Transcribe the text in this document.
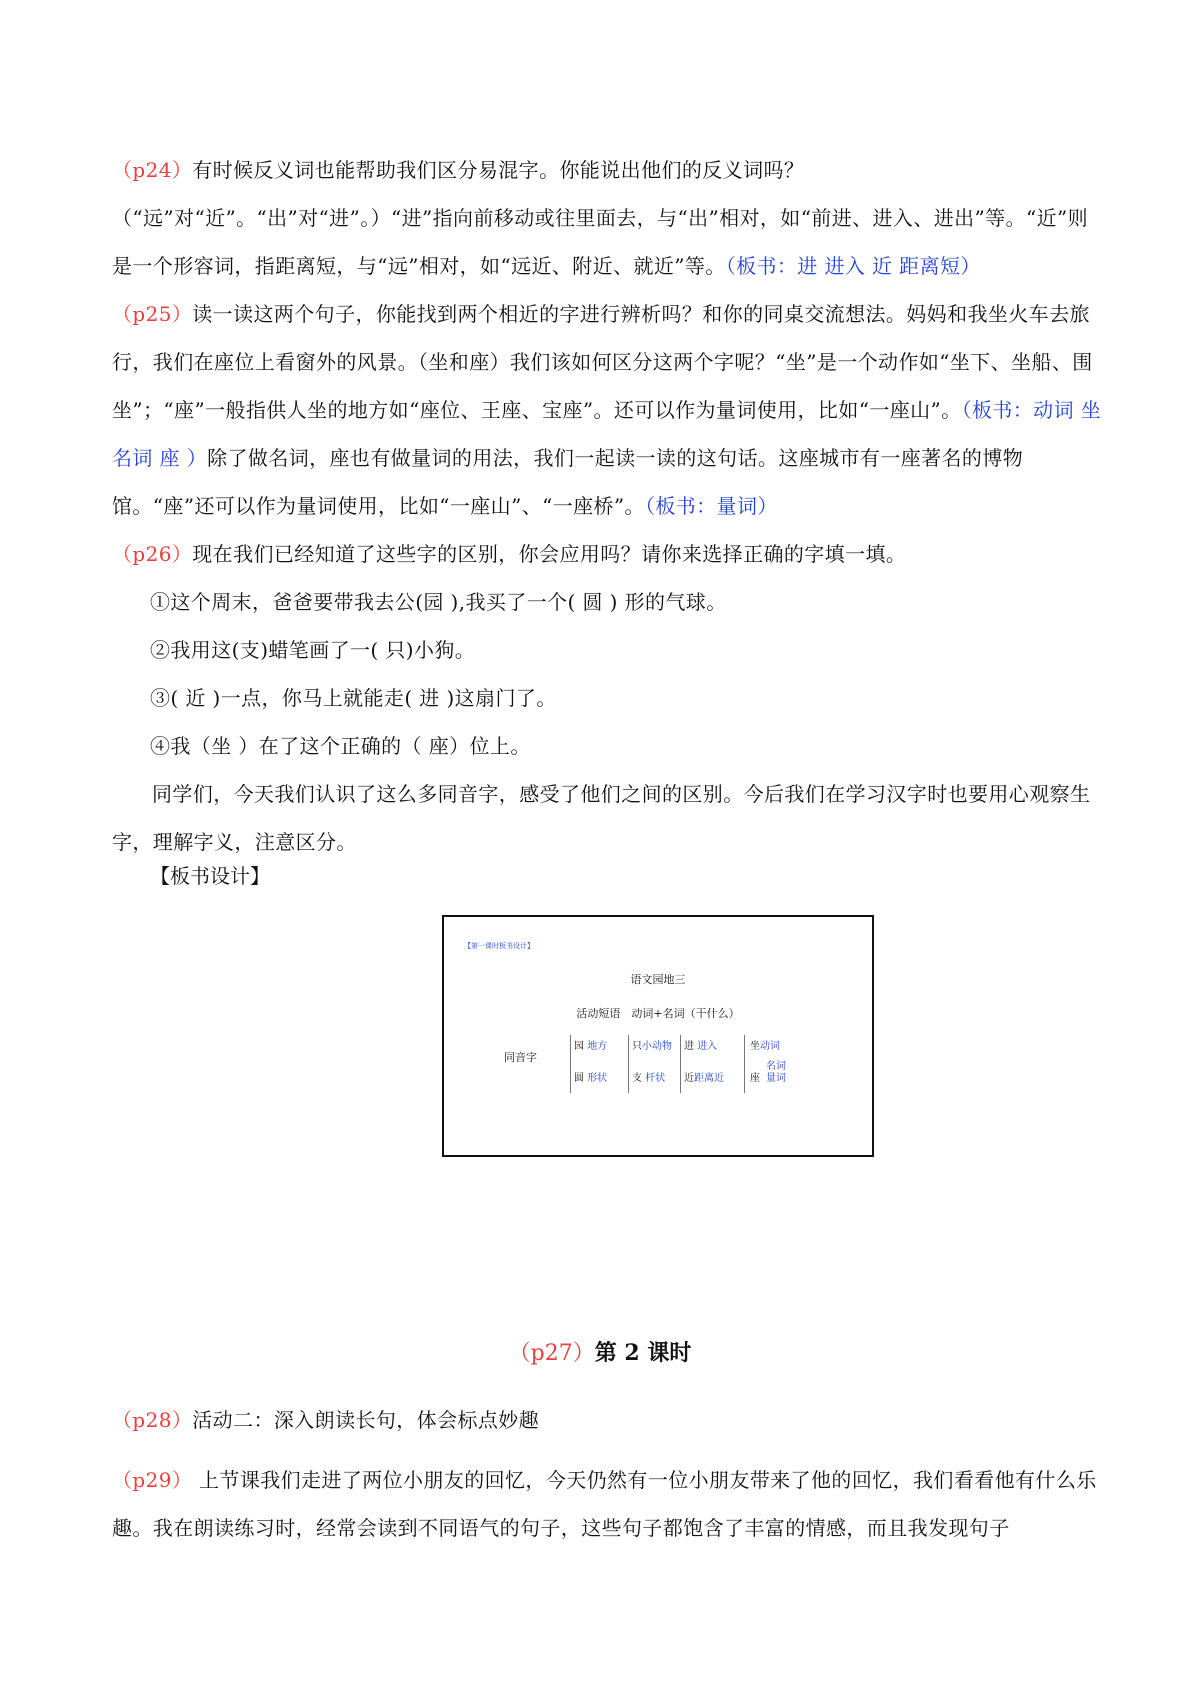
（p24）有时候反义词也能帮助我们区分易混字。你能说出他们的反义词吗？（“远”对“近”。“出”对“进”。）“进”指向前移动或往里面去，与“出”相对，如“前进、进入、进出”等。“近”则是一个形容词，指距离短，与“远”相对，如“远近、附近、就近”等。（板书：进 进入 近 距离短）
（p25）读一读这两个句子，你能找到两个相近的字进行辨析吗？和你的同桌交流想法。妈妈和我坐火车去旅行，我们在座位上看窗外的风景。（坐和座）我们该如何区分这两个字呢？“坐”是一个动作如“坐下、坐船、围坐”；“座”一般指供人坐的地方如“座位、王座、宝座”。还可以作为量词使用，比如“一座山”。（板书：动词 坐 名词 座 ）除了做名词，座也有做量词的用法，我们一起读一读的这句话。这座城市有一座著名的博物馆。“座”还可以作为量词使用，比如“一座山”、“一座桥”。（板书：量词）
（p26）现在我们已经知道了这些字的区别，你会应用吗？请你来选择正确的字填一填。
①这个周末，爸爸要带我去公(园 ),我买了一个( 圆 ) 形的气球。
②我用这(支)蜡笔画了一( 只)小狗。
③( 近 )一点，你马上就能走( 进 )这扇门了。
④我（坐 ）在了这个正确的（ 座）位上。
同学们，今天我们认识了这么多同音字，感受了他们之间的区别。今后我们在学习汉字时也要用心观察生字，理解字义，注意区分。
【板书设计】
【第一课时板书设计】
语文园地三
活动短语　动词+名词（干什么）
同音字
园 地方
圆 形状
只小动物
支 杆状
进 进入
近距离近
坐动词
座
名词
量词
（p27）第 2 课时
（p28）活动二：深入朗读长句，体会标点妙趣
（p29） 上节课我们走进了两位小朋友的回忆，今天仍然有一位小朋友带来了他的回忆，我们看看他有什么乐趣。我在朗读练习时，经常会读到不同语气的句子，这些句子都饱含了丰富的情感，而且我发现句子
